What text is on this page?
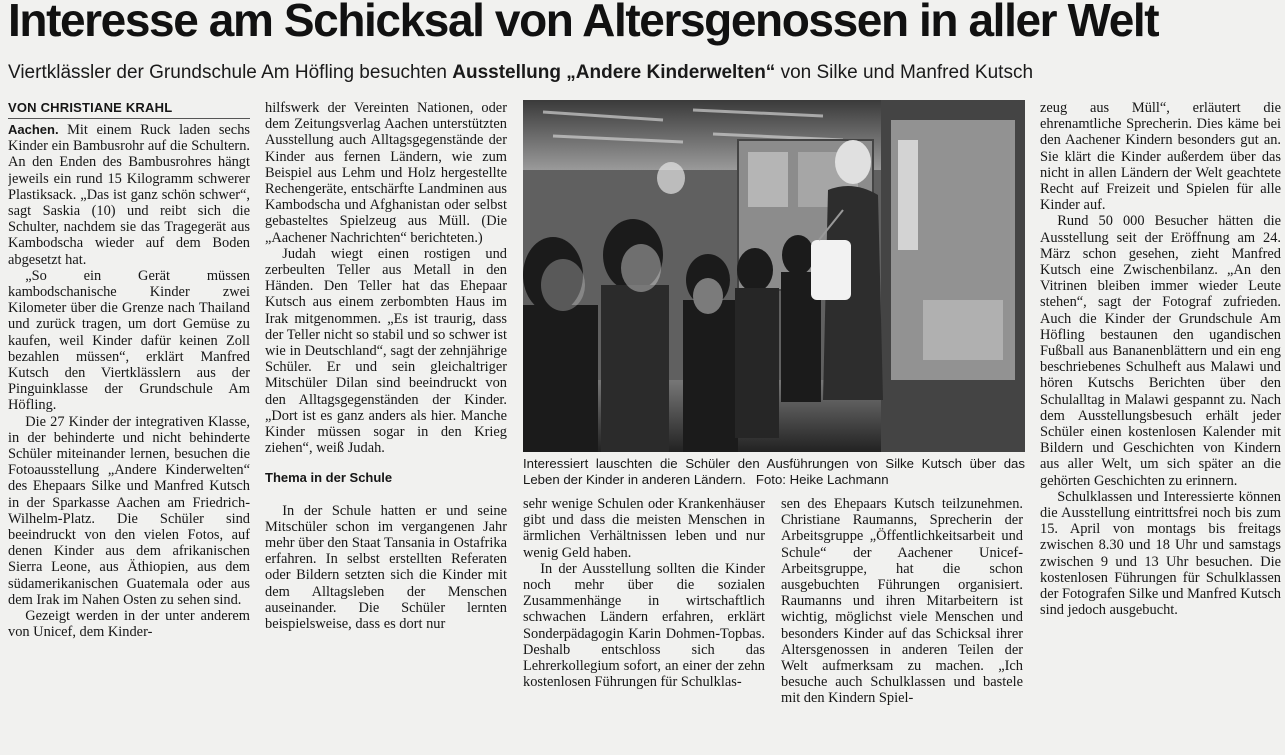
Interesse am Schicksal von Altersgenossen in aller Welt
Viertklässler der Grundschule Am Höfling besuchten Ausstellung „Andere Kinderwelten“ von Silke und Manfred Kutsch
VON CHRISTIANE KRAHL

Aachen. Mit einem Ruck laden sechs Kinder ein Bambusrohr auf die Schultern. An den Enden des Bambusrohres hängt jeweils ein rund 15 Kilogramm schwerer Plastiksack. „Das ist ganz schön schwer“, sagt Saskia (10) und reibt sich die Schulter, nachdem sie das Tragegerät aus Kambodscha wieder auf dem Boden abgesetzt hat.

„So ein Gerät müssen kambodschanische Kinder zwei Kilometer über die Grenze nach Thailand und zurück tragen, um dort Gemüse zu kaufen, weil Kinder dafür keinen Zoll bezahlen müssen“, erklärt Manfred Kutsch den Viertklässlern aus der Pinguinklasse der Grundschule Am Höfling.

Die 27 Kinder der integrativen Klasse, in der behinderte und nicht behinderte Schüler miteinander lernen, besuchen die Fotoausstellung „Andere Kinderwelten“ des Ehepaars Silke und Manfred Kutsch in der Sparkasse Aachen am Friedrich-Wilhelm-Platz. Die Schüler sind beeindruckt von den vielen Fotos, auf denen Kinder aus dem afrikanischen Sierra Leone, aus Äthiopien, aus dem südamerikanischen Guatemala oder aus dem Irak im Nahen Osten zu sehen sind.

Gezeigt werden in der unter anderem von Unicef, dem Kinder-

hilfswerk der Vereinten Nationen, oder dem Zeitungsverlag Aachen unterstützten Ausstellung auch Alltagsgegenstände der Kinder aus fernen Ländern, wie zum Beispiel aus Lehm und Holz hergestellte Rechengeräte, entschärfte Landminen aus Kambodscha und Afghanistan oder selbst gebasteltes Spielzeug aus Müll. (Die „Aachener Nachrichten“ berichteten.)

Judah wiegt einen rostigen und zerbeulten Teller aus Metall in den Händen. Den Teller hat das Ehepaar Kutsch aus einem zerbombten Haus im Irak mitgenommen. „Es ist traurig, dass der Teller nicht so stabil und so schwer ist wie in Deutschland“, sagt der zehnjährige Schüler. Er und sein gleichaltriger Mitschüler Dilan sind beeindruckt von den Alltagsgegenständen der Kinder. „Dort ist es ganz anders als hier. Manche Kinder müssen sogar in den Krieg ziehen“, weiß Judah.

Thema in der Schule

In der Schule hatten er und seine Mitschüler schon im vergangenen Jahr mehr über den Staat Tansania in Ostafrika erfahren. In selbst erstellten Referaten oder Bildern setzten sich die Kinder mit dem Alltagsleben der Menschen auseinander. Die Schüler lernten beispielsweise, dass es dort nur

Interessiert lauschten die Schüler den Ausführungen von Silke Kutsch über das Leben der Kinder in anderen Ländern. Foto: Heike Lachmann

sehr wenige Schulen oder Krankenhäuser gibt und dass die meisten Menschen in ärmlichen Verhältnissen leben und nur wenig Geld haben.

In der Ausstellung sollten die Kinder noch mehr über die sozialen Zusammenhänge in wirtschaftlich schwachen Ländern erfahren, erklärt Sonderpädagogin Karin Dohmen-Topbas. Deshalb entschloss sich das Lehrerkollegium sofort, an einer der zehn kostenlosen Führungen für Schulklas-

sen des Ehepaars Kutsch teilzunehmen. Christiane Raumanns, Sprecherin der Arbeitsgruppe „Öffentlichkeitsarbeit und Schule“ der Aachener Unicef-Arbeitsgruppe, hat die schon ausgebuchten Führungen organisiert. Raumanns und ihren Mitarbeitern ist wichtig, möglichst viele Menschen und besonders Kinder auf das Schicksal ihrer Altersgenossen in anderen Teilen der Welt aufmerksam zu machen. „Ich besuche auch Schulklassen und bastele mit den Kindern Spiel-

zeug aus Müll“, erläutert die ehrenamtliche Sprecherin. Dies käme bei den Aachener Kindern besonders gut an. Sie klärt die Kinder außerdem über das nicht in allen Ländern der Welt geachtete Recht auf Freizeit und Spielen für alle Kinder auf.

Rund 50 000 Besucher hätten die Ausstellung seit der Eröffnung am 24. März schon gesehen, zieht Manfred Kutsch eine Zwischenbilanz. „An den Vitrinen bleiben immer wieder Leute stehen“, sagt der Fotograf zufrieden. Auch die Kinder der Grundschule Am Höfling bestaunen den ugandischen Fußball aus Bananenblättern und ein eng beschriebenes Schulheft aus Malawi und hören Kutschs Berichten über den Schulalltag in Malawi gespannt zu. Nach dem Ausstellungsbesuch erhält jeder Schüler einen kostenlosen Kalender mit Bildern und Geschichten von Kindern aus aller Welt, um sich später an die gehörten Geschichten zu erinnern.

Schulklassen und Interessierte können die Ausstellung eintrittsfrei noch bis zum 15. April von montags bis freitags zwischen 8.30 und 18 Uhr und samstags zwischen 9 und 13 Uhr besuchen. Die kostenlosen Führungen für Schulklassen der Fotografen Silke und Manfred Kutsch sind jedoch ausgebucht.
